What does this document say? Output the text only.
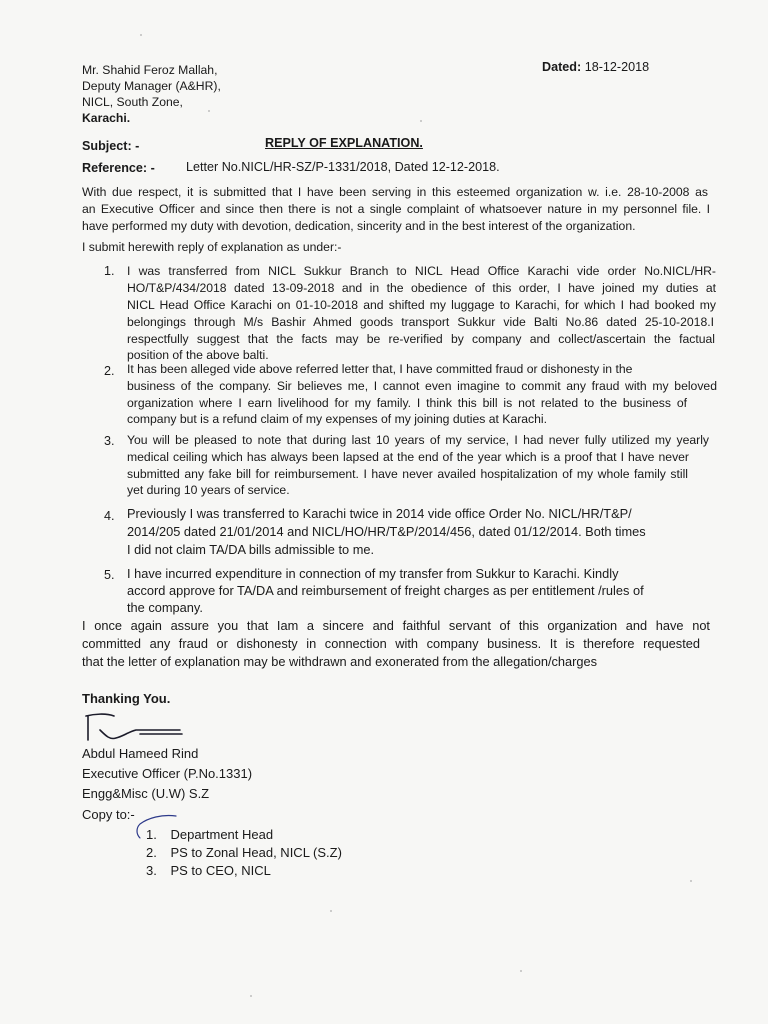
Mr. Shahid Feroz Mallah,
Deputy Manager (A&HR),
NICL, South Zone,
Karachi.
Dated: 18-12-2018
Subject: -	REPLY OF EXPLANATION.
Reference: - Letter No.NICL/HR-SZ/P-1331/2018, Dated 12-12-2018.
With due respect, it is submitted that I have been serving in this esteemed organization w. i.e. 28-10-2008 as
an Executive Officer and since then there is not a single complaint of whatsoever nature in my personnel file. I
have performed my duty with devotion, dedication, sincerity and in the best interest of the organization.
I submit herewith reply of explanation as under:-
1. I was transferred from NICL Sukkur Branch to NICL Head Office Karachi vide order No.NICL/HR-
HO/T&P/434/2018 dated 13-09-2018 and in the obedience of this order, I have joined my duties at
NICL Head Office Karachi on 01-10-2018 and shifted my luggage to Karachi, for which I had booked my
belongings through M/s Bashir Ahmed goods transport Sukkur vide Balti No.86 dated 25-10-2018.I
respectfully suggest that the facts may be re-verified by company and collect/ascertain the factual
position of the above balti.
2. It has been alleged vide above referred letter that, I have committed fraud or dishonesty in the
business of the company. Sir believes me, I cannot even imagine to commit any fraud with my beloved
organization where I earn livelihood for my family. I think this bill is not related to the business of
company but is a refund claim of my expenses of my joining duties at Karachi.
3. You will be pleased to note that during last 10 years of my service, I had never fully utilized my yearly
medical ceiling which has always been lapsed at the end of the year which is a proof that I have never
submitted any fake bill for reimbursement. I have never availed hospitalization of my whole family still
yet during 10 years of service.
4. Previously I was transferred to Karachi twice in 2014 vide office Order No. NICL/HR/T&P/
2014/205 dated 21/01/2014 and NICL/HO/HR/T&P/2014/456, dated 01/12/2014. Both times
I did not claim TA/DA bills admissible to me.
5. I have incurred expenditure in connection of my transfer from Sukkur to Karachi. Kindly
accord approve for TA/DA and reimbursement of freight charges as per entitlement /rules of
the company.
I once again assure you that Iam a sincere and faithful servant of this organization and have not
committed any fraud or dishonesty in connection with company business. It is therefore requested
that the letter of explanation may be withdrawn and exonerated from the allegation/charges
Thanking You.
Abdul Hameed Rind
Executive Officer (P.No.1331)
Engg&Misc (U.W) S.Z
Copy to:-
1. Department Head
2. PS to Zonal Head, NICL (S.Z)
3. PS to CEO, NICL
